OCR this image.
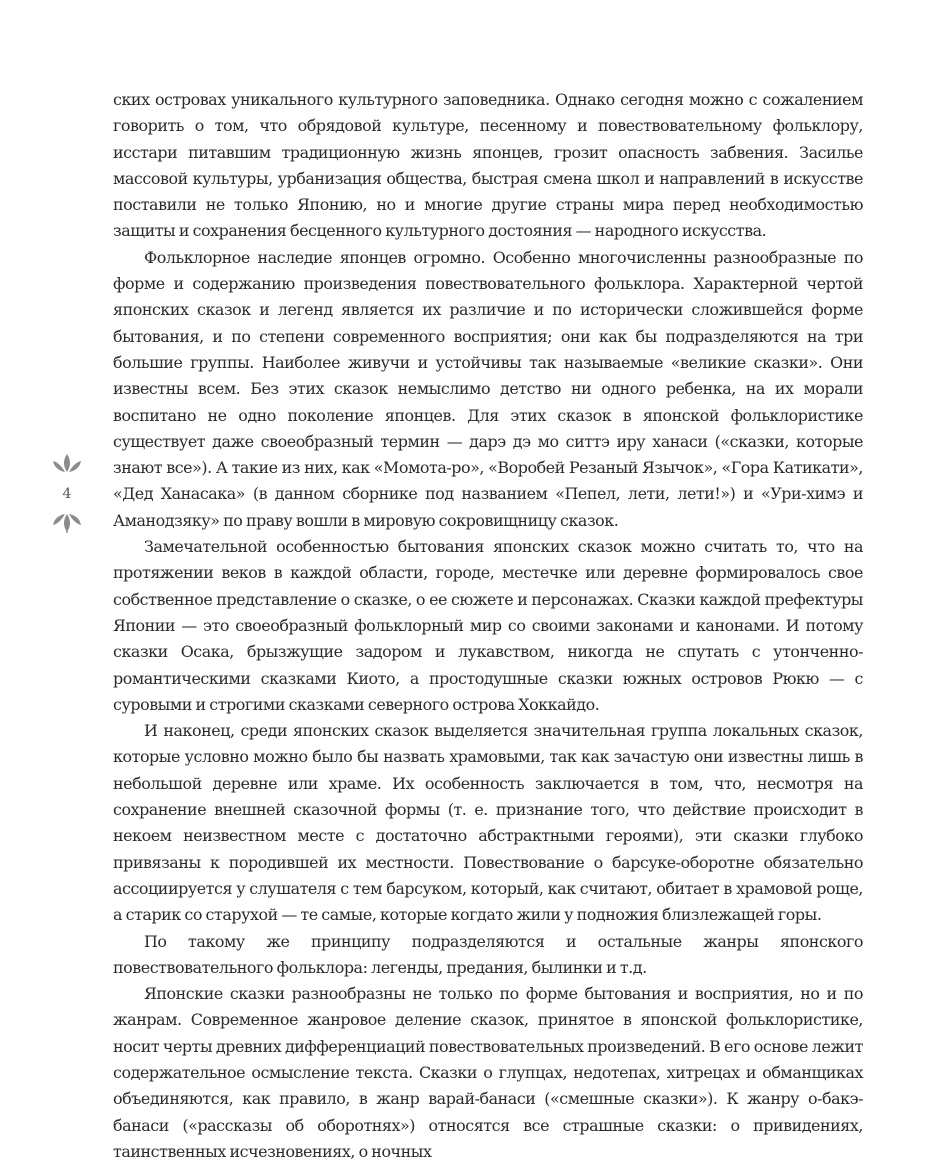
ских островах уникального культурного заповедника. Однако сегодня можно с сожалением говорить о том, что обрядовой культуре, песенному и повествовательному фольклору, исстари питавшим традиционную жизнь японцев, грозит опасность забвения. Засилье массовой культуры, урбанизация общества, быстрая смена школ и направлений в искусстве поставили не только Японию, но и многие другие страны мира перед необходимостью защиты и сохранения бесценного культурного достояния — народного искусства.

Фольклорное наследие японцев огромно. Особенно многочисленны разнообразные по форме и содержанию произведения повествовательного фольклора. Характерной чертой японских сказок и легенд является их различие и по исторически сложившейся форме бытования, и по степени современного восприятия; они как бы подразделяются на три большие группы. Наиболее живучи и устойчивы так называемые «великие сказки». Они известны всем. Без этих сказок немыслимо детство ни одного ребенка, на их морали воспитано не одно поколение японцев. Для этих сказок в японской фольклористике существует даже своеобразный термин — дарэ дэ мо ситтэ иру ханаси («сказки, которые знают все»). А такие из них, как «Момота-ро», «Воробей Резаный Язычок», «Гора Катикати», «Дед Ханасака» (в данном сборнике под названием «Пепел, лети, лети!») и «Ури-химэ и Аманодзяку» по праву вошли в мировую сокровищницу сказок.

Замечательной особенностью бытования японских сказок можно считать то, что на протяжении веков в каждой области, городе, местечке или деревне формировалось свое собственное представление о сказке, о ее сюжете и персонажах. Сказки каждой префектуры Японии — это своеобразный фольклорный мир со своими законами и канонами. И потому сказки Осака, брызжущие задором и лукавством, никогда не спутать с утонченно-романтическими сказками Киото, а простодушные сказки южных островов Рюкю — с суровыми и строгими сказками северного острова Хоккайдо.

И наконец, среди японских сказок выделяется значительная группа локальных сказок, которые условно можно было бы назвать храмовыми, так как зачастую они известны лишь в небольшой деревне или храме. Их особенность заключается в том, что, несмотря на сохранение внешней сказочной формы (т. е. признание того, что действие происходит в некоем неизвестном месте с достаточно абстрактными героями), эти сказки глубоко привязаны к породившей их местности. Повествование о барсуке-оборотне обязательно ассоциируется у слушателя с тем барсуком, который, как считают, обитает в храмовой роще, а старик со старухой — те самые, которые когдато жили у подножия близлежащей горы.

По такому же принципу подразделяются и остальные жанры японского повествовательного фольклора: легенды, предания, былинки и т.д.

Японские сказки разнообразны не только по форме бытования и восприятия, но и по жанрам. Современное жанровое деление сказок, принятое в японской фольклористике, носит черты древних дифференциаций повествовательных произведений. В его основе лежит содержательное осмысление текста. Сказки о глупцах, недотепах, хитрецах и обманщиках объединяются, как правило, в жанр варай-банаси («смешные сказки»). К жанру о-бакэ-банаси («рассказы об оборотнях») относятся все страшные сказки: о привидениях, таинственных исчезновениях, о ночных

4
